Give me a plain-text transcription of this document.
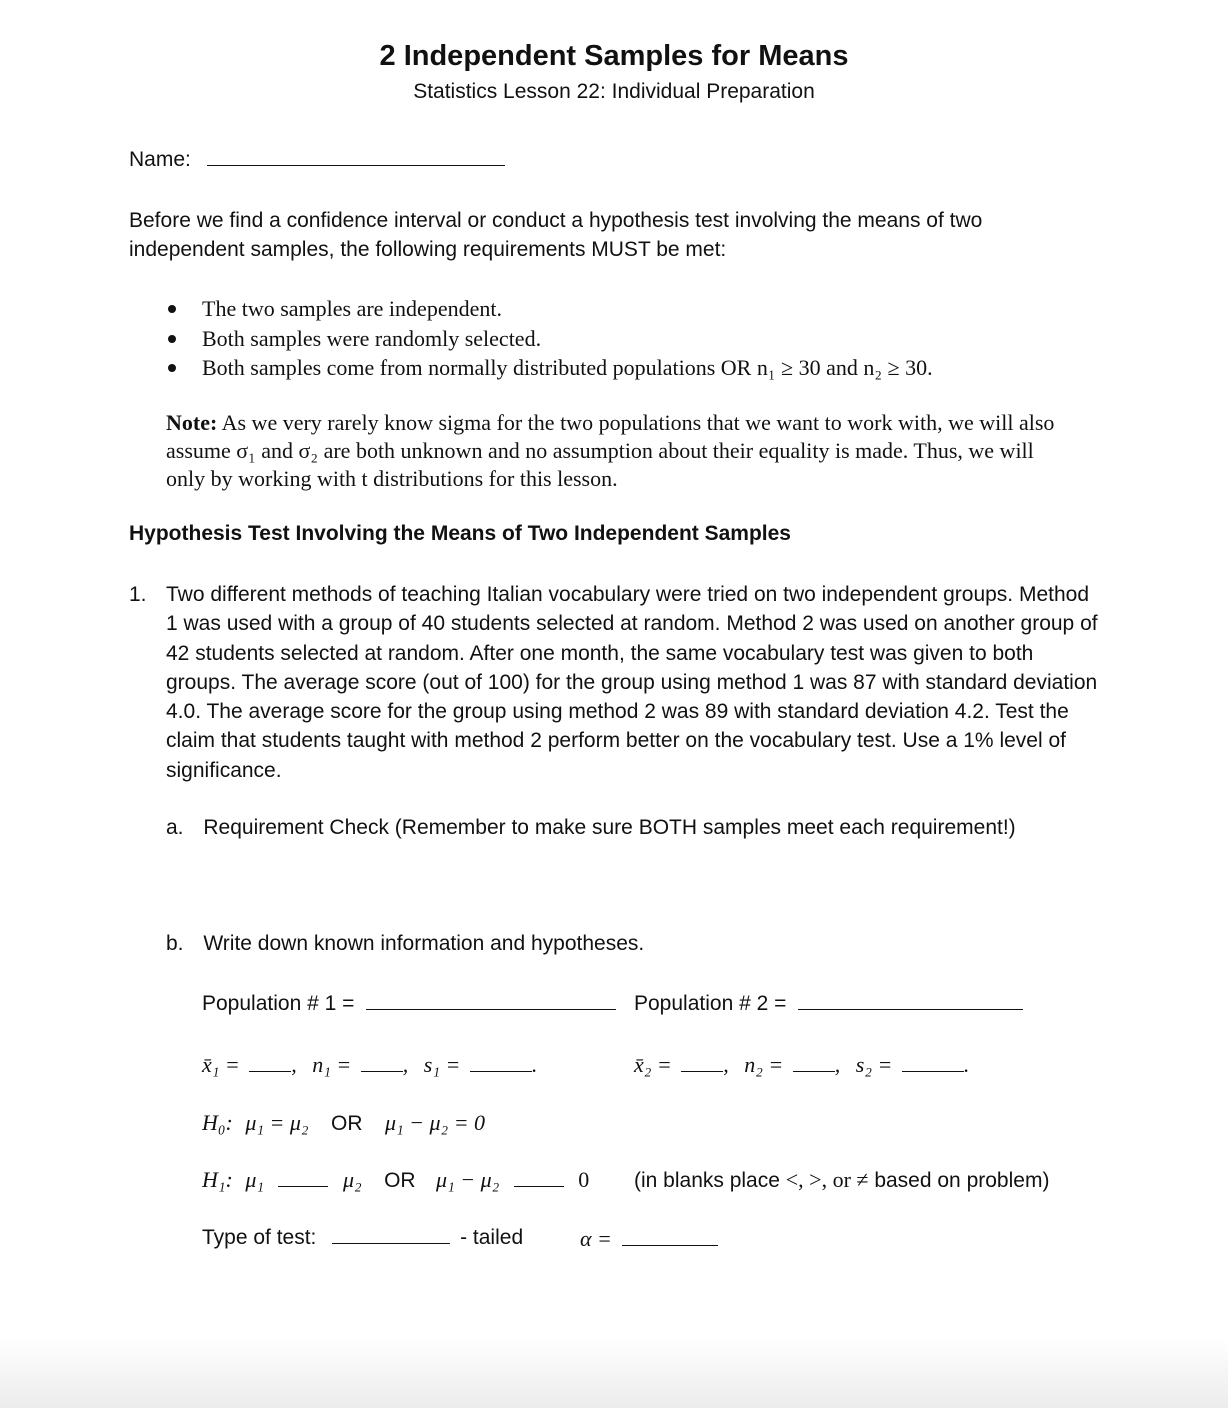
2 Independent Samples for Means
Statistics Lesson 22: Individual Preparation
Name:
Before we find a confidence interval or conduct a hypothesis test involving the means of two independent samples, the following requirements MUST be met:
The two samples are independent.
Both samples were randomly selected.
Both samples come from normally distributed populations OR n₁ ≥ 30 and n₂ ≥ 30.
Note: As we very rarely know sigma for the two populations that we want to work with, we will also assume σ₁ and σ₂ are both unknown and no assumption about their equality is made. Thus, we will only by working with t distributions for this lesson.
Hypothesis Test Involving the Means of Two Independent Samples
1. Two different methods of teaching Italian vocabulary were tried on two independent groups. Method 1 was used with a group of 40 students selected at random. Method 2 was used on another group of 42 students selected at random. After one month, the same vocabulary test was given to both groups. The average score (out of 100) for the group using method 1 was 87 with standard deviation 4.0. The average score for the group using method 2 was 89 with standard deviation 4.2. Test the claim that students taught with method 2 perform better on the vocabulary test. Use a 1% level of significance.
a. Requirement Check (Remember to make sure BOTH samples meet each requirement!)
b. Write down known information and hypotheses.
Population # 1 =	Population # 2 =
x̄₁ = , n₁ = , s₁ =	.	x̄₂ = , n₂ = , s₂ =	.
H₀: μ₁ = μ₂ OR μ₁ − μ₂ = 0
H₁: μ₁	μ₂ OR μ₁ − μ₂	0 (in blanks place <, >, or ≠ based on problem)
Type of test:	- tailed	α =
